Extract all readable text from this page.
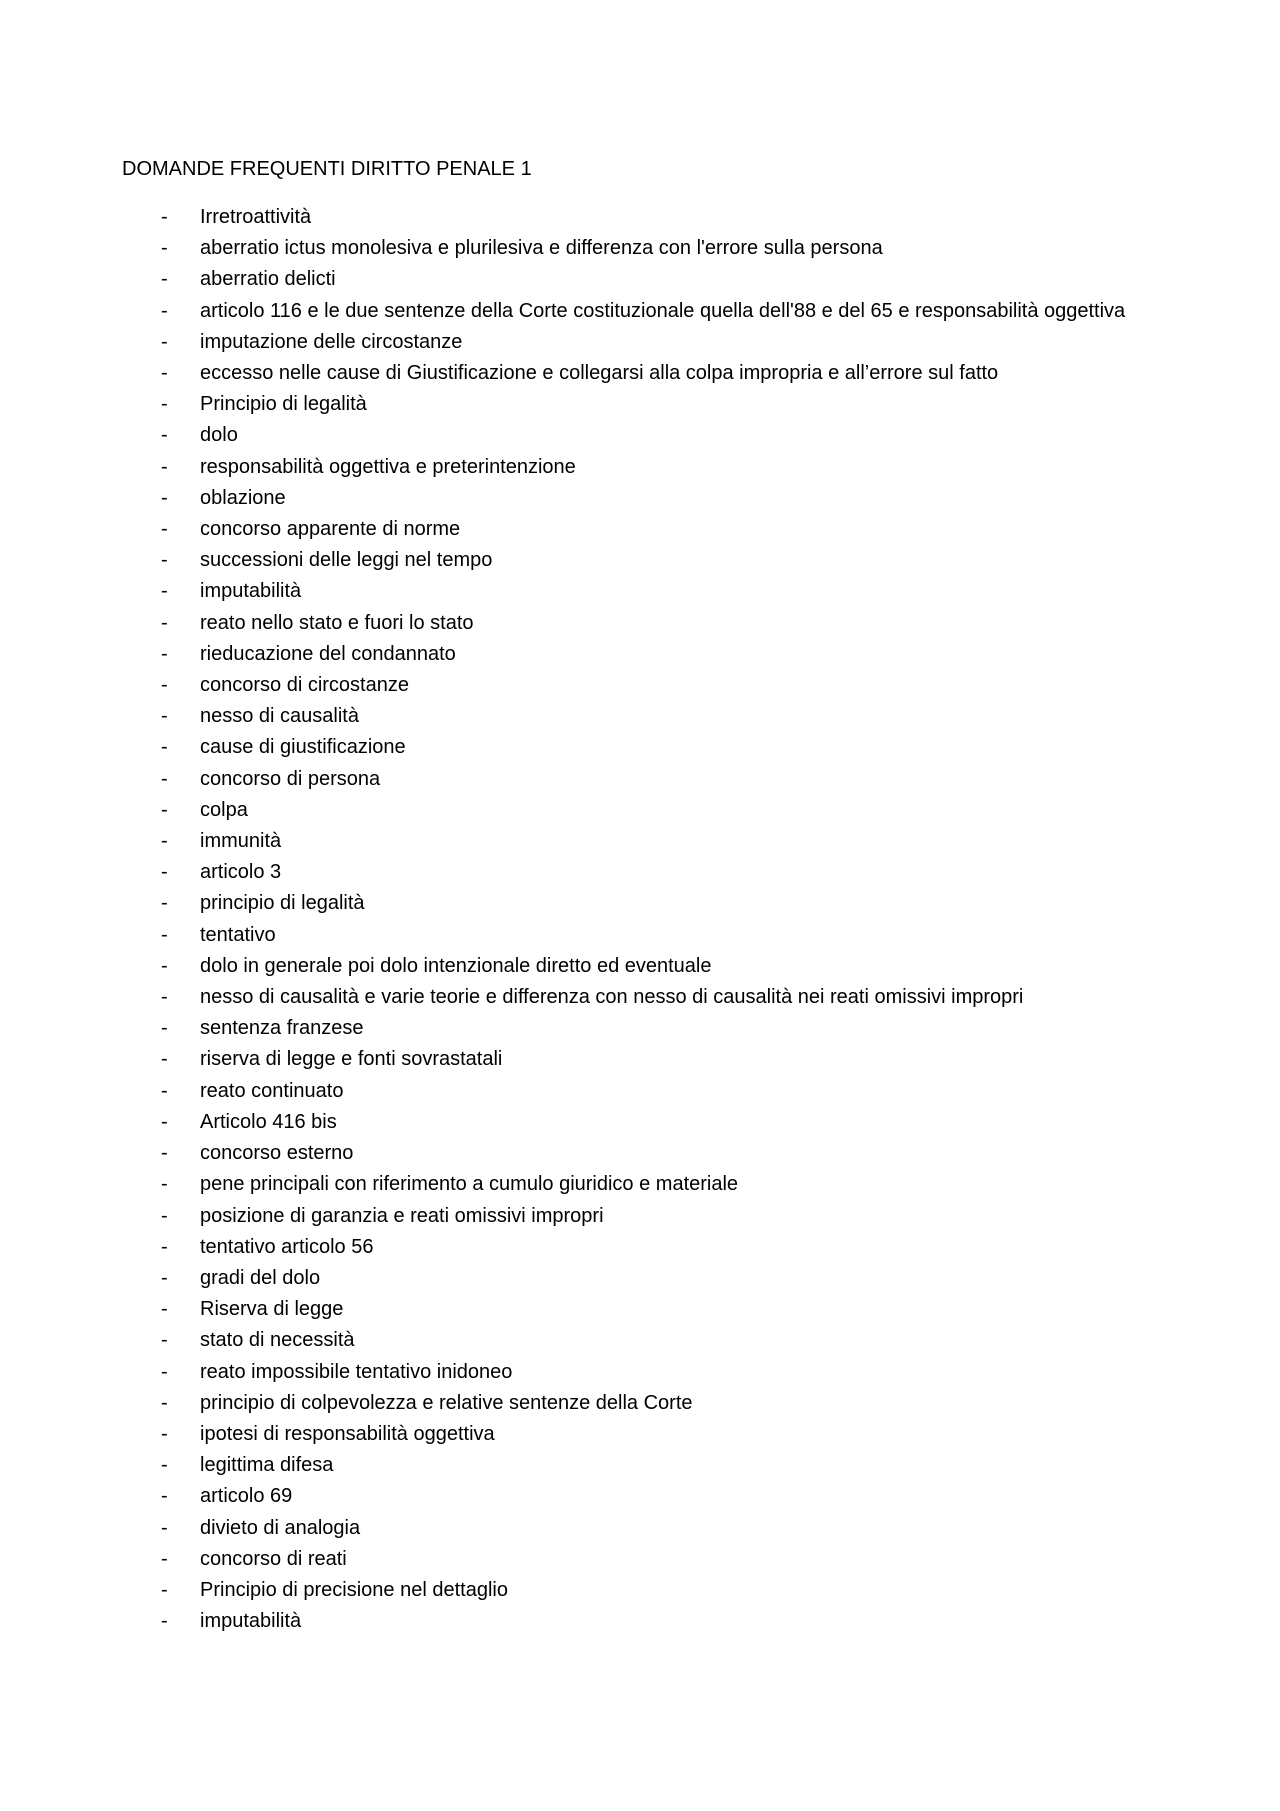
DOMANDE FREQUENTI DIRITTO PENALE 1
- Irretroattività
- aberratio ictus monolesiva e plurilesiva e differenza con l'errore sulla persona
- aberratio delicti
- articolo 116 e le due sentenze della Corte costituzionale quella dell'88 e del 65 e responsabilità oggettiva
- imputazione delle circostanze
- eccesso nelle cause di Giustificazione e collegarsi alla colpa impropria e all’errore sul fatto
- Principio di legalità
- dolo
- responsabilità oggettiva e preterintenzione
- oblazione
- concorso apparente di norme
- successioni delle leggi nel tempo
- imputabilità
- reato nello stato e fuori lo stato
- rieducazione del condannato
- concorso di circostanze
- nesso di causalità
- cause di giustificazione
- concorso di persona
- colpa
- immunità
- articolo 3
- principio di legalità
- tentativo
- dolo in generale poi dolo intenzionale diretto ed eventuale
- nesso di causalità e varie teorie e differenza con nesso di causalità nei reati omissivi impropri
- sentenza franzese
- riserva di legge e fonti sovrastatali
- reato continuato
- Articolo 416 bis
- concorso esterno
- pene principali con riferimento a cumulo giuridico e materiale
- posizione di garanzia e reati omissivi impropri
- tentativo articolo 56
- gradi del dolo
- Riserva di legge
- stato di necessità
- reato impossibile tentativo inidoneo
- principio di colpevolezza e relative sentenze della Corte
- ipotesi di responsabilità oggettiva
- legittima difesa
- articolo 69
- divieto di analogia
- concorso di reati
- Principio di precisione nel dettaglio
- imputabilità
